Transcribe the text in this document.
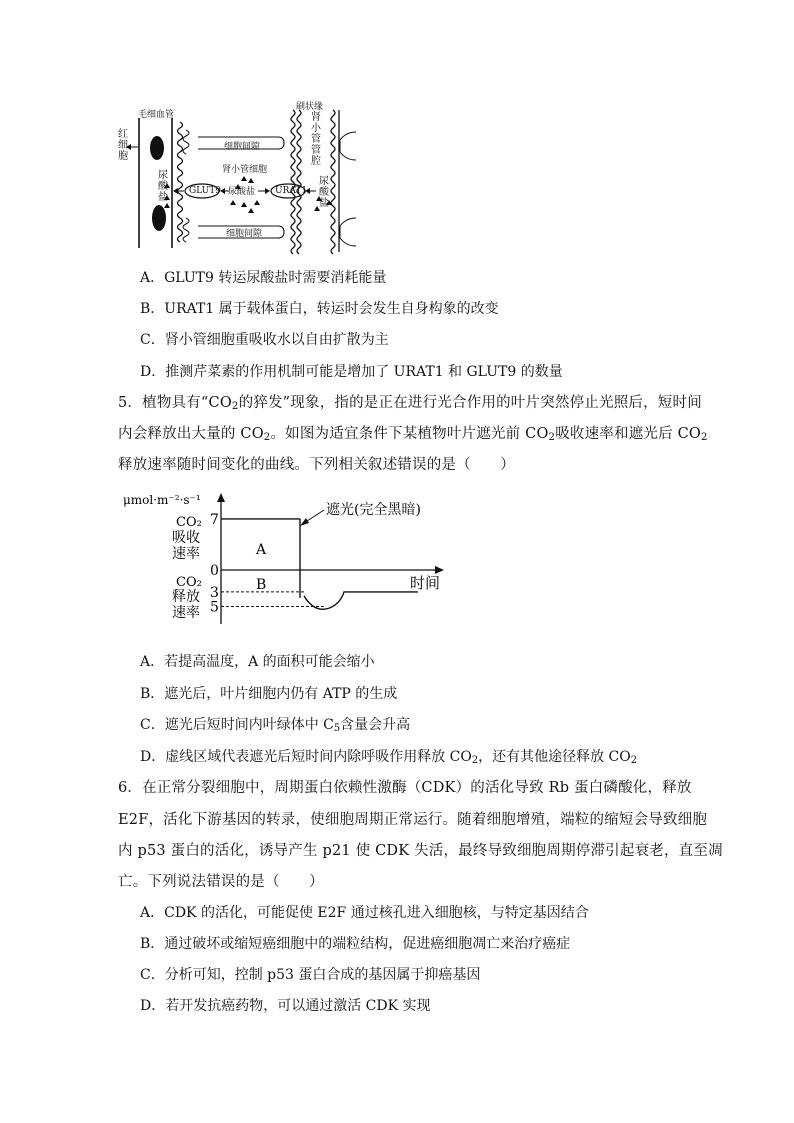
毛细血管
刷状缘
红细胞
肾小管管腔
细胞间隙
肾小管细胞
尿酸盐	尿酸盐
尿酸盐
GLUT9	URAT1
细胞间隙
A．GLUT9 转运尿酸盐时需要消耗能量
B．URAT1 属于载体蛋白，转运时会发生自身构象的改变
C．肾小管细胞重吸收水以自由扩散为主
D．推测芹菜素的作用机制可能是增加了 URAT1 和 GLUT9 的数量
5．植物具有“$CO_2$的猝发”现象，指的是正在进行光合作用的叶片突然停止光照后，短时间
内会释放出大量的 $CO_2$。如图为适宜条件下某植物叶片遮光前 $CO_2$吸收速率和遮光后 $CO_2$
释放速率随时间变化的曲线。下列相关叙述错误的是（　　）
μmol·m⁻²·s⁻¹
CO₂
吸收
速率
CO₂
释放
速率
7
0
3
5
A
B	时间
遮光(完全黑暗)
A．若提高温度，A 的面积可能会缩小
B．遮光后，叶片细胞内仍有 ATP 的生成
C．遮光后短时间内叶绿体中 $C_5$含量会升高
D．虚线区域代表遮光后短时间内除呼吸作用释放 $CO_2$，还有其他途径释放 $CO_2$
6．在正常分裂细胞中，周期蛋白依赖性激酶（CDK）的活化导致 Rb 蛋白磷酸化，释放
E2F，活化下游基因的转录，使细胞周期正常运行。随着细胞增殖，端粒的缩短会导致细胞
内 p53 蛋白的活化，诱导产生 p21 使 CDK 失活，最终导致细胞周期停滞引起衰老，直至凋
亡。下列说法错误的是（　　）
A．CDK 的活化，可能促使 E2F 通过核孔进入细胞核，与特定基因结合
B．通过破坏或缩短癌细胞中的端粒结构，促进癌细胞凋亡来治疗癌症
C．分析可知，控制 p53 蛋白合成的基因属于抑癌基因
D．若开发抗癌药物，可以通过激活 CDK 实现
